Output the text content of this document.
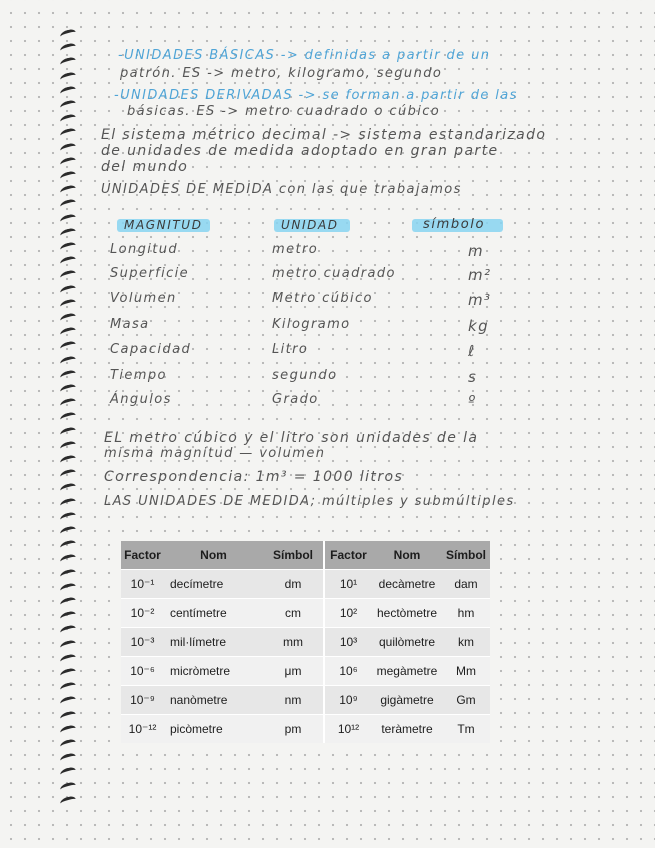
-UNIDADES BÁSICAS -> definidas a partir de un
patrón. ES -> metro, kilogramo, segundo
-UNIDADES DERIVADAS -> se forman a partir de las
básicas. ES -> metro cuadrado o cúbico
El sistema métrico decimal -> sistema estandarizado
de unidades de medida adoptado en gran parte
del mundo
UNIDADES DE MEDIDA con las que trabajamos
MAGNITUD	UNIDAD	símbolo
Longitud	metro	m
Superficie	metro cuadrado	m²
Volumen	Metro cúbico	m³
Masa	Kilogramo	kg
Capacidad	Litro	ℓ
Tiempo	segundo	s
Ángulos	Grado	º
EL metro cúbico y el litro son unidades de la
misma magnitud — volumen
Correspondencia: 1m³ = 1000 litros
LAS UNIDADES DE MEDIDA; múltiples y submúltiples
Factor	Nom	Símbol	Factor	Nom	Símbol
10⁻¹	decímetre	dm	10¹	decàmetre	dam
10⁻²	centímetre	cm	10²	hectòmetre	hm
10⁻³	mil·límetre	mm	10³	quilòmetre	km
10⁻⁶	micròmetre	μm	10⁶	megàmetre	Mm
10⁻⁹	nanòmetre	nm	10⁹	gigàmetre	Gm
10⁻¹²	picòmetre	pm	10¹²	teràmetre	Tm
